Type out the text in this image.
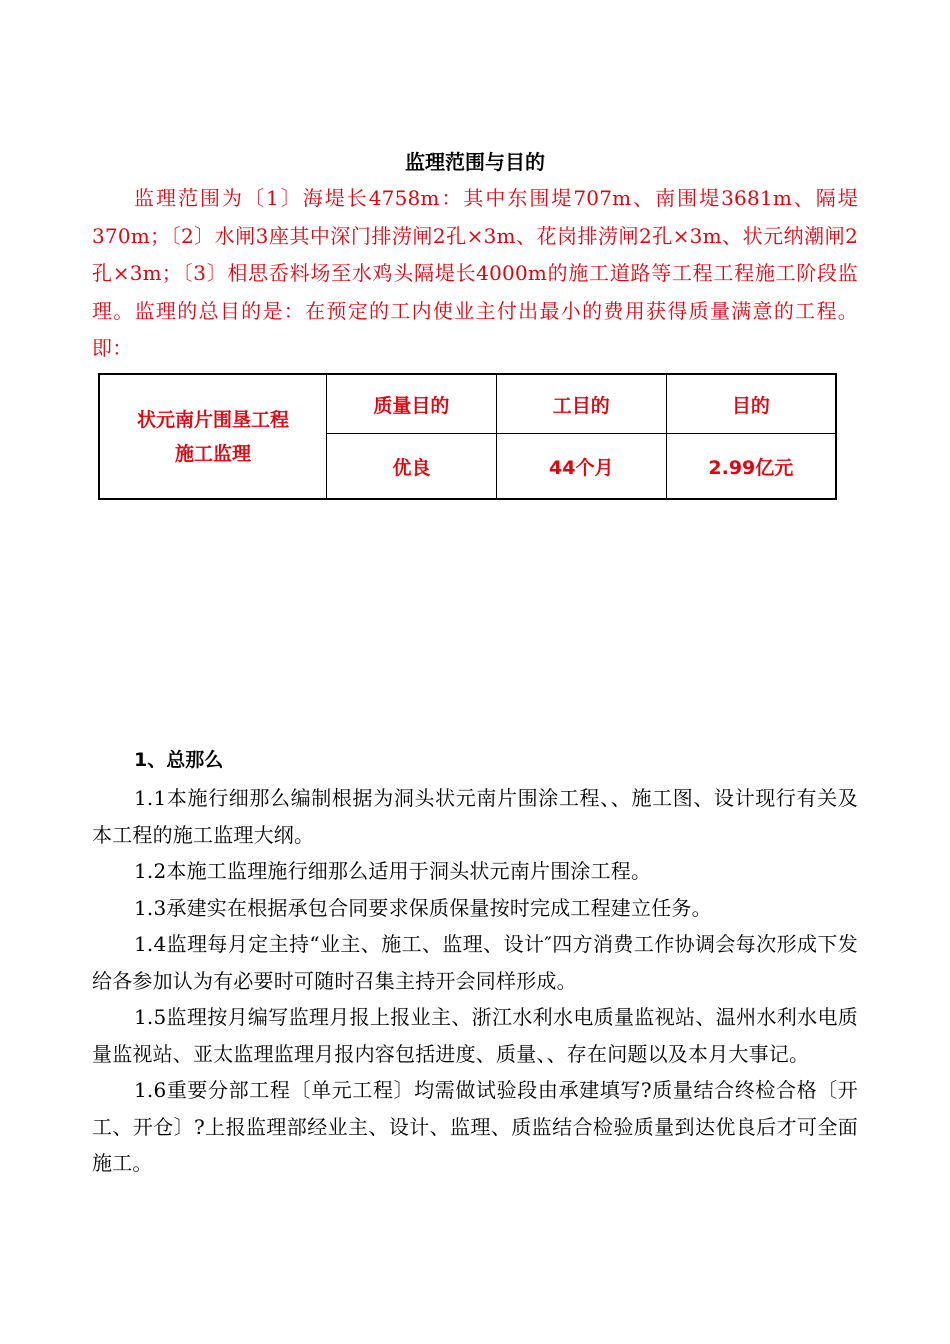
监理范围与目的
监理范围为〔1〕海堤长4758m：其中东围堤707m、南围堤3681m、隔堤370m；〔2〕水闸3座其中深门排涝闸2孔×3m、花岗排涝闸2孔×3m、状元纳潮闸2孔×3m；〔3〕相思岙料场至水鸡头隔堤长4000m的施工道路等工程工程施工阶段监理。监理的总目的是：在预定的工内使业主付出最小的费用获得质量满意的工程。即：
状元南片围垦工程
施工监理	质量目的	工目的	目的
	优良	44个月	2.99亿元
1、总那么

1.1本施行细那么编制根据为洞头状元南片围涂工程、、施工图、设计现行有关及本工程的施工监理大纲。

1.2本施工监理施行细那么适用于洞头状元南片围涂工程。

1.3承建实在根据承包合同要求保质保量按时完成工程建立任务。

1.4监理每月定主持“业主、施工、监理、设计″四方消费工作协调会每次形成下发给各参加认为有必要时可随时召集主持开会同样形成。

1.5监理按月编写监理月报上报业主、浙江水利水电质量监视站、温州水利水电质量监视站、亚太监理监理月报内容包括进度、质量、、存在问题以及本月大事记。

1.6重要分部工程〔单元工程〕均需做试验段由承建填写?质量结合终检合格〔开工、开仓〕?上报监理部经业主、设计、监理、质监结合检验质量到达优良后才可全面施工。
